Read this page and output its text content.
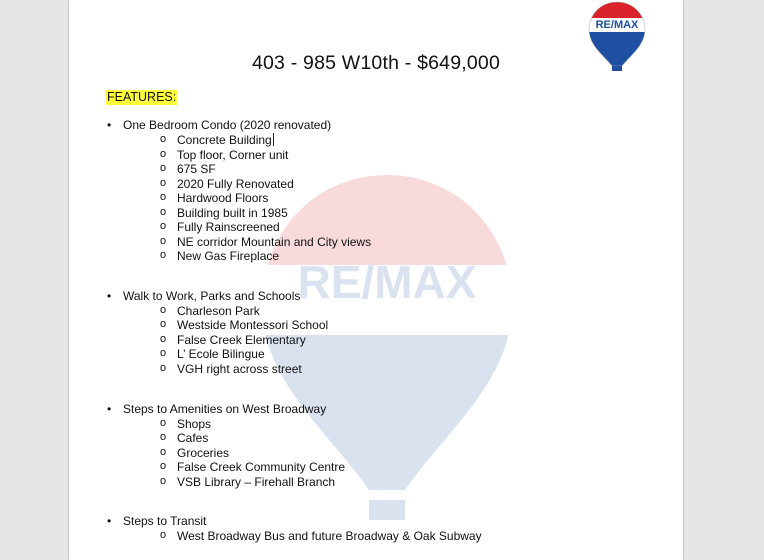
RE/MAX
RE/MAX
403 - 985 W10th - $649,000
FEATURES:
• One Bedroom Condo (2020 renovated)
o Concrete Building
o Top floor, Corner unit
o 675 SF
o 2020 Fully Renovated
o Hardwood Floors
o Building built in 1985
o Fully Rainscreened
o NE corridor Mountain and City views
o New Gas Fireplace
• Walk to Work, Parks and Schools
o Charleson Park
o Westside Montessori School
o False Creek Elementary
o L’ Ecole Bilingue
o VGH right across street
• Steps to Amenities on West Broadway
o Shops
o Cafes
o Groceries
o False Creek Community Centre
o VSB Library – Firehall Branch
• Steps to Transit
o West Broadway Bus and future Broadway & Oak Subway
